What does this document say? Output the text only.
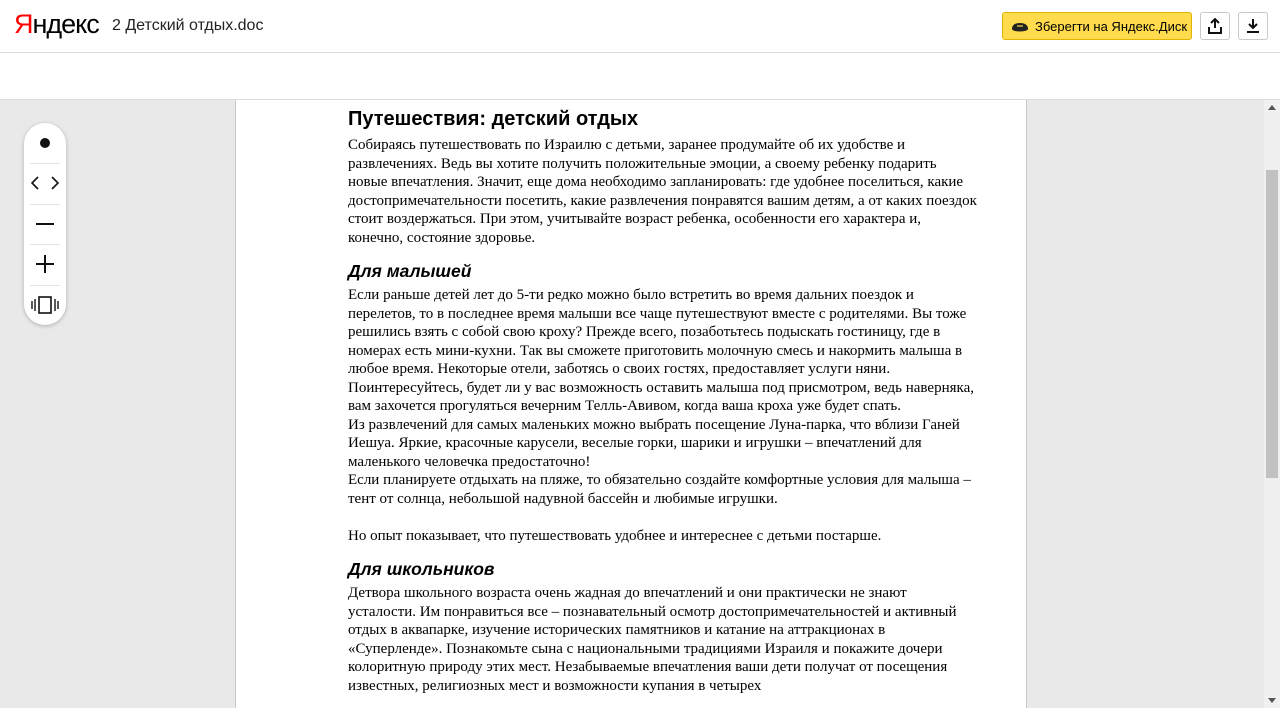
Яндекс 2 Детский отдых.doc	Зберегти на Яндекс.Диск
Путешествия: детский отдых

Собираясь путешествовать по Израилю с детьми, заранее продумайте об их удобстве и развлечениях. Ведь вы хотите получить положительные эмоции, а своему ребенку подарить новые впечатления. Значит, еще дома необходимо запланировать: где удобнее поселиться, какие достопримечательности посетить, какие развлечения понравятся вашим детям, а от каких поездок стоит воздержаться. При этом, учитывайте возраст ребенка, особенности его характера и, конечно, состояние здоровье.

Для малышей

Если раньше детей лет до 5-ти редко можно было встретить во время дальних поездок и перелетов, то в последнее время малыши все чаще путешествуют вместе с родителями. Вы тоже решились взять с собой свою кроху? Прежде всего, позаботьтесь подыскать гостиницу, где в номерах есть мини-кухни. Так вы сможете приготовить молочную смесь и накормить малыша в любое время. Некоторые отели, заботясь о своих гостях, предоставляет услуги няни. Поинтересуйтесь, будет ли у вас возможность оставить малыша под присмотром, ведь наверняка, вам захочется прогуляться вечерним Телль-Авивом, когда ваша кроха уже будет спать.

Из развлечений для самых маленьких можно выбрать посещение Луна-парка, что вблизи Ганей Иешуа. Яркие, красочные карусели, веселые горки, шарики и игрушки – впечатлений для маленького человечка предостаточно!

Если планируете отдыхать на пляже, то обязательно создайте комфортные условия для малыша – тент от солнца, небольшой надувной бассейн и любимые игрушки.

Но опыт показывает, что путешествовать удобнее и интереснее с детьми постарше.

Для школьников

Детвора школьного возраста очень жадная до впечатлений и они практически не знают усталости. Им понравиться все – познавательный осмотр достопримечательностей и активный отдых в аквапарке, изучение исторических памятников и катание на аттракционах в «Суперленде». Познакомьте сына с национальными традициями Израиля и покажите дочери колоритную природу этих мест. Незабываемые впечатления ваши дети получат от посещения известных, религиозных мест и возможности купания в четырех
